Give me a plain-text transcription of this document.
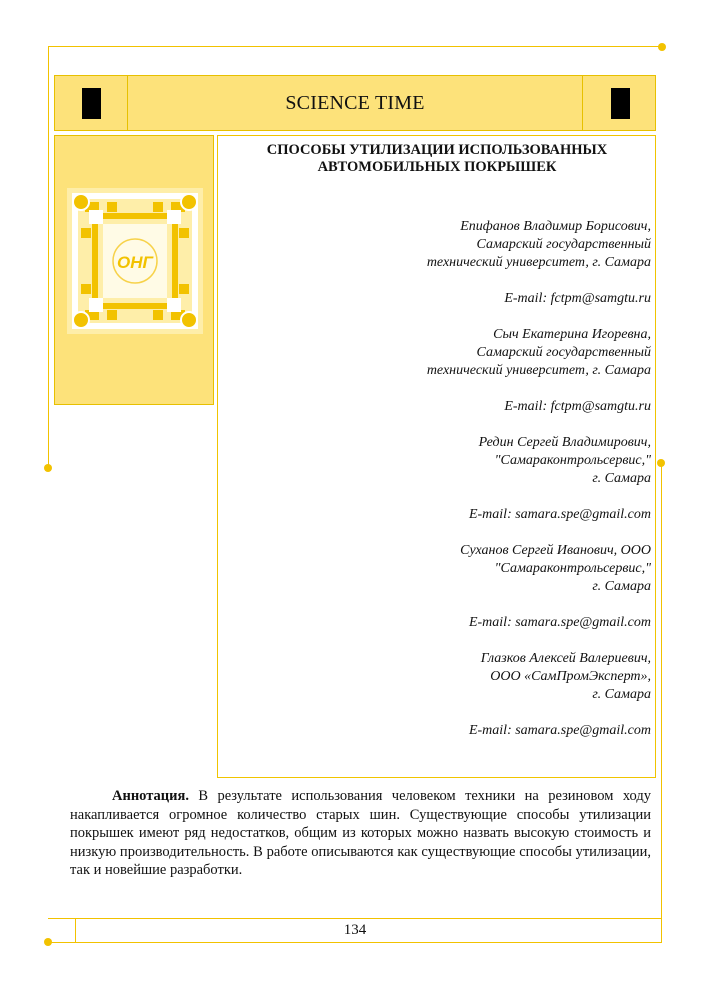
SCIENCE TIME
ОНГ
СПОСОБЫ УТИЛИЗАЦИИ ИСПОЛЬЗОВАННЫХ
АВТОМОБИЛЬНЫХ ПОКРЫШЕК
Епифанов Владимир Борисович,
Самарский государственный
технический университет, г. Самара
E-mail: fctpm@samgtu.ru
Сыч Екатерина Игоревна,
Самарский государственный
технический университет, г. Самара
E-mail: fctpm@samgtu.ru
Редин Сергей Владимирович,
"Самараконтрольсервис,"
г. Самара
E-mail: samara.spe@gmail.com
Суханов Сергей Иванович, ООО
"Самараконтрольсервис,"
г. Самара
E-mail: samara.spe@gmail.com
Глазков Алексей Валериевич,
ООО «СамПромЭксперт»,
г. Самара
E-mail: samara.spe@gmail.com

Аннотация. В результате использования человеком техники на резиновом ходу накапливается огромное количество старых шин. Существующие способы утилизации покрышек имеют ряд недостатков, общим из которых можно назвать высокую стоимость и низкую производительность. В работе описываются как существующие способы утилизации, так и новейшие разработки.

134
